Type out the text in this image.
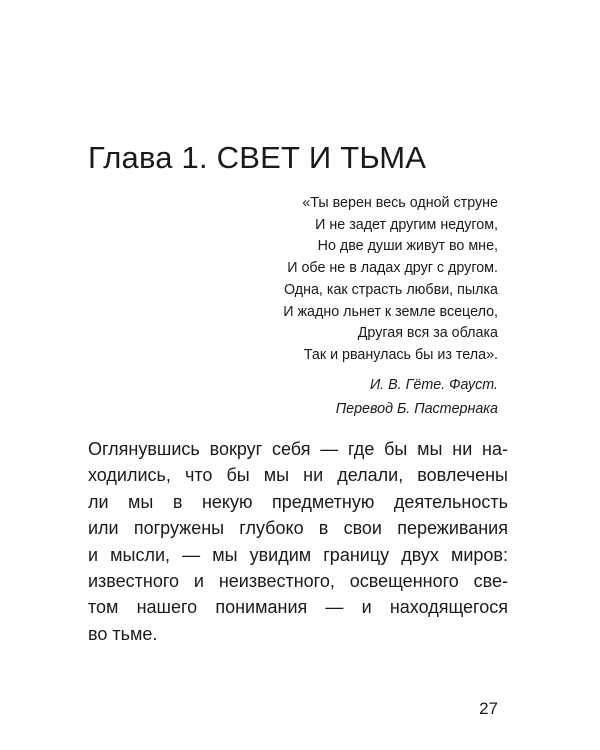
Глава 1. СВЕТ И ТЬМА
«Ты верен весь одной струне
И не задет другим недугом,
Но две души живут во мне,
И обе не в ладах друг с другом.
Одна, как страсть любви, пылка
И жадно льнет к земле всецело,
Другая вся за облака
Так и рванулась бы из тела».
И. В. Гёте. Фауст.
Перевод Б. Пастернака
Оглянувшись вокруг себя — где бы мы ни на-
ходились, что бы мы ни делали, вовлечены
ли мы в некую предметную деятельность
или погружены глубоко в свои переживания
и мысли, — мы увидим границу двух миров:
известного и неизвестного, освещенного све-
том нашего понимания — и находящегося
во тьме.
27
